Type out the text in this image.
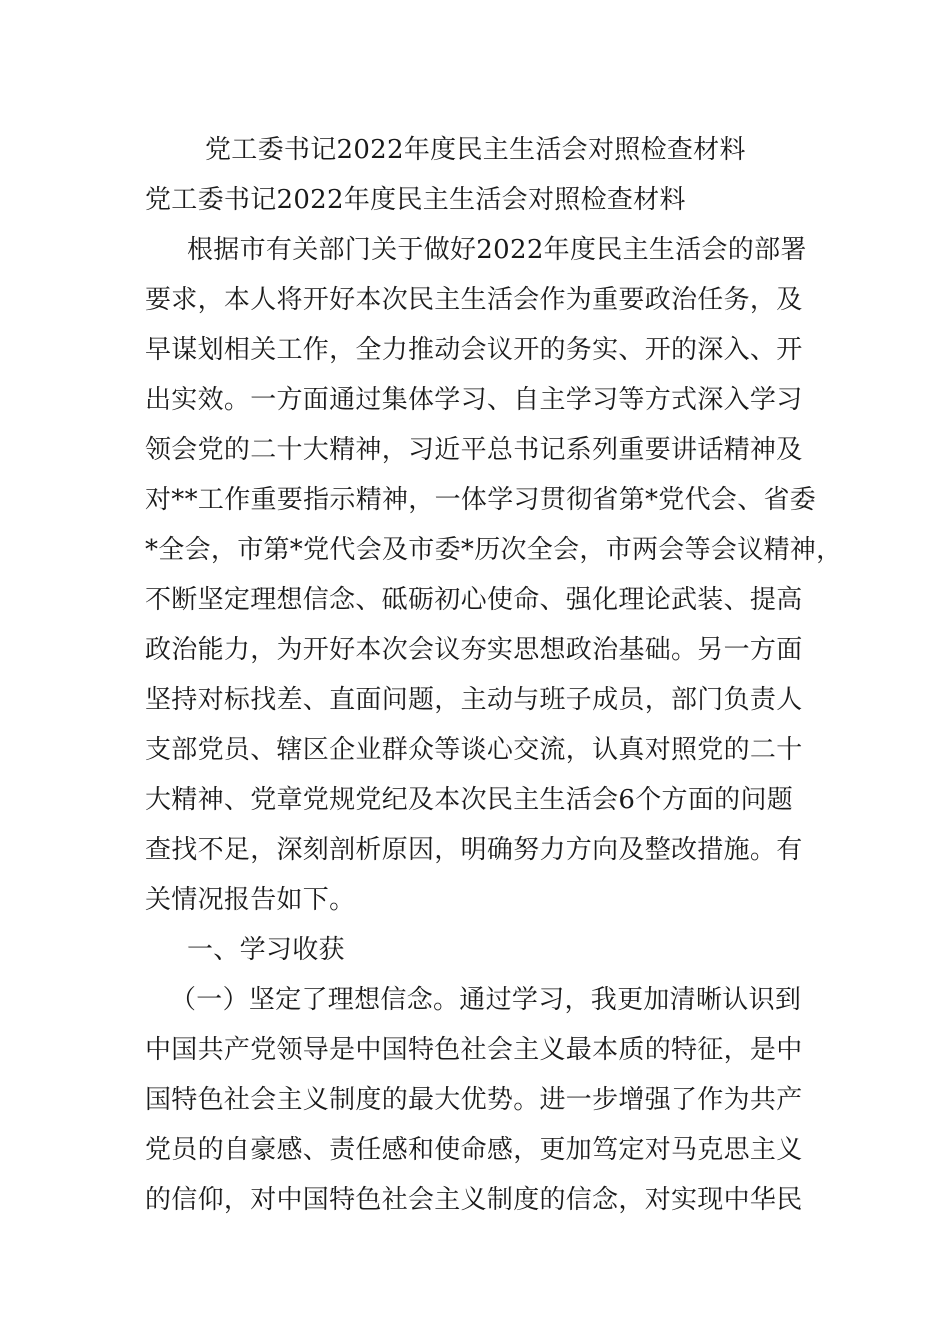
党工委书记2022年度民主生活会对照检查材料
党工委书记2022年度民主生活会对照检查材料
根据市有关部门关于做好2022年度民主生活会的部署
要求，本人将开好本次民主生活会作为重要政治任务，及
早谋划相关工作，全力推动会议开的务实、开的深入、开
出实效。一方面通过集体学习、自主学习等方式深入学习
领会党的二十大精神，习近平总书记系列重要讲话精神及
对**工作重要指示精神，一体学习贯彻省第*党代会、省委
*全会，市第*党代会及市委*历次全会，市两会等会议精神，
不断坚定理想信念、砥砺初心使命、强化理论武装、提高
政治能力，为开好本次会议夯实思想政治基础。另一方面
坚持对标找差、直面问题，主动与班子成员，部门负责人
支部党员、辖区企业群众等谈心交流，认真对照党的二十
大精神、党章党规党纪及本次民主生活会6个方面的问题
查找不足，深刻剖析原因，明确努力方向及整改措施。有
关情况报告如下。
一、学习收获
（一）坚定了理想信念。通过学习，我更加清晰认识到
中国共产党领导是中国特色社会主义最本质的特征，是中
国特色社会主义制度的最大优势。进一步增强了作为共产
党员的自豪感、责任感和使命感，更加笃定对马克思主义
的信仰，对中国特色社会主义制度的信念，对实现中华民
